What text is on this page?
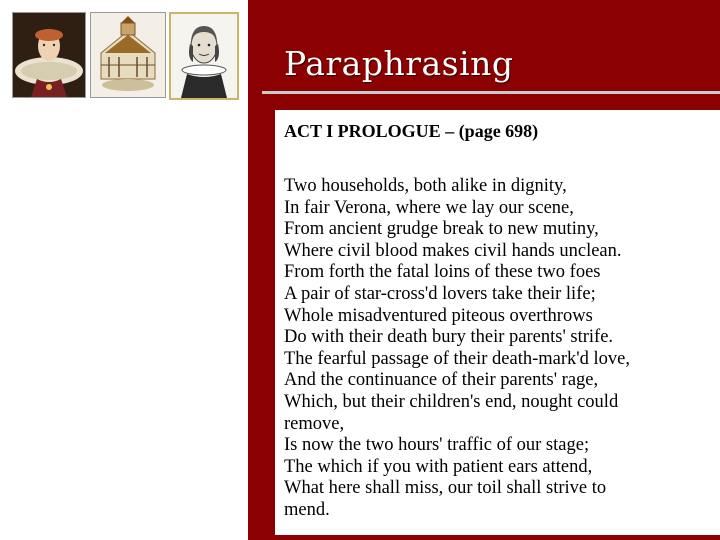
Paraphrasing
ACT I PROLOGUE – (page 698)
Two households, both alike in dignity,
In fair Verona, where we lay our scene,
From ancient grudge break to new mutiny,
Where civil blood makes civil hands unclean.
From forth the fatal loins of these two foes
A pair of star-cross'd lovers take their life;
Whole misadventured piteous overthrows
Do with their death bury their parents' strife.
The fearful passage of their death-mark'd love,
And the continuance of their parents' rage,
Which, but their children's end, nought could
remove,
Is now the two hours' traffic of our stage;
The which if you with patient ears attend,
What here shall miss, our toil shall strive to
mend.
